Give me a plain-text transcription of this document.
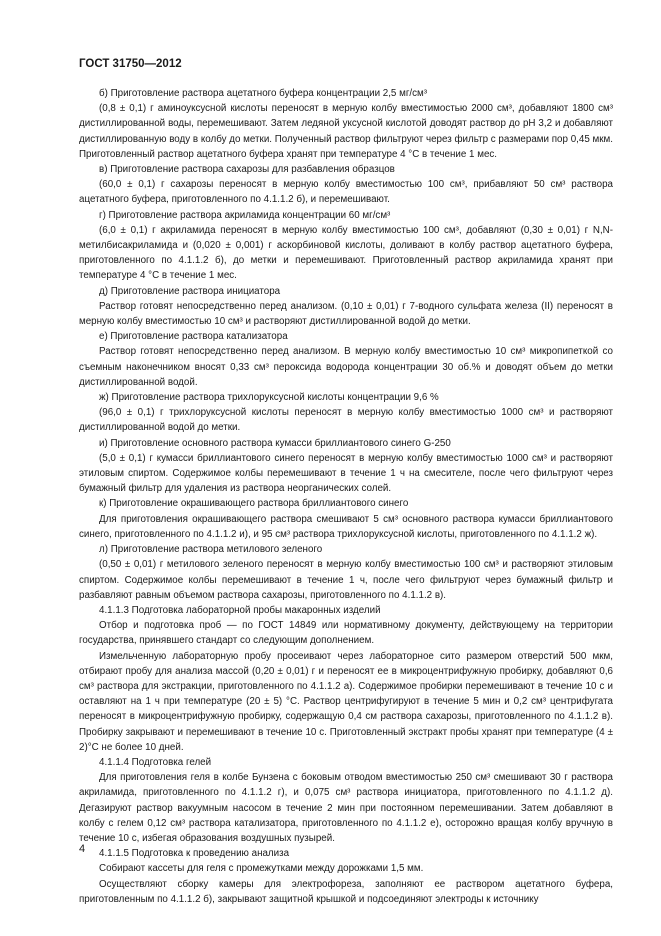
ГОСТ 31750—2012

б) Приготовление раствора ацетатного буфера концентрации 2,5 мг/см³

(0,8 ± 0,1) г аминоуксусной кислоты переносят в мерную колбу вместимостью 2000 см³, добавляют 1800 см³ дистиллированной воды, перемешивают. Затем ледяной уксусной кислотой доводят раствор до рН 3,2 и добавляют дистиллированную воду в колбу до метки. Полученный раствор фильтруют через фильтр с размерами пор 0,45 мкм. Приготовленный раствор ацетатного буфера хранят при температуре 4 °С в течение 1 мес.

в) Приготовление раствора сахарозы для разбавления образцов

(60,0 ± 0,1) г сахарозы переносят в мерную колбу вместимостью 100 см³, прибавляют 50 см³ раствора ацетатного буфера, приготовленного по 4.1.1.2 б), и перемешивают.

г) Приготовление раствора акриламида концентрации 60 мг/см³

(6,0 ± 0,1) г акриламида переносят в мерную колбу вместимостью 100 см³, добавляют (0,30 ± 0,01) г N,N-метилбисакриламида и (0,020 ± 0,001) г аскорбиновой кислоты, доливают в колбу раствор ацетатного буфера, приготовленного по 4.1.1.2 б), до метки и перемешивают. Приготовленный раствор акриламида хранят при температуре 4 °С в течение 1 мес.

д) Приготовление раствора инициатора

Раствор готовят непосредственно перед анализом. (0,10 ± 0,01) г 7-водного сульфата железа (II) переносят в мерную колбу вместимостью 10 см³ и растворяют дистиллированной водой до метки.

е) Приготовление раствора катализатора

Раствор готовят непосредственно перед анализом. В мерную колбу вместимостью 10 см³ микропипеткой со съемным наконечником вносят 0,33 см³ пероксида водорода концентрации 30 об.% и доводят объем до метки дистиллированной водой.

ж) Приготовление раствора трихлоруксусной кислоты концентрации 9,6 %

(96,0 ± 0,1) г трихлоруксусной кислоты переносят в мерную колбу вместимостью 1000 см³ и растворяют дистиллированной водой до метки.

и) Приготовление основного раствора кумасси бриллиантового синего G-250

(5,0 ± 0,1) г кумасси бриллиантового синего переносят в мерную колбу вместимостью 1000 см³ и растворяют этиловым спиртом. Содержимое колбы перемешивают в течение 1 ч на смесителе, после чего фильтруют через бумажный фильтр для удаления из раствора неорганических солей.

к) Приготовление окрашивающего раствора бриллиантового синего

Для приготовления окрашивающего раствора смешивают 5 см³ основного раствора кумасси бриллиантового синего, приготовленного по 4.1.1.2 и), и 95 см³ раствора трихлоруксусной кислоты, приготовленного по 4.1.1.2 ж).

л) Приготовление раствора метилового зеленого

(0,50 ± 0,01) г метилового зеленого переносят в мерную колбу вместимостью 100 см³ и растворяют этиловым спиртом. Содержимое колбы перемешивают в течение 1 ч, после чего фильтруют через бумажный фильтр и разбавляют равным объемом раствора сахарозы, приготовленного по 4.1.1.2 в).

4.1.1.3 Подготовка лабораторной пробы макаронных изделий

Отбор и подготовка проб — по ГОСТ 14849 или нормативному документу, действующему на территории государства, принявшего стандарт со следующим дополнением.

Измельченную лабораторную пробу просеивают через лабораторное сито размером отверстий 500 мкм, отбирают пробу для анализа массой (0,20 ± 0,01) г и переносят ее в микроцентрифужную пробирку, добавляют 0,6 см³ раствора для экстракции, приготовленного по 4.1.1.2 а). Содержимое пробирки перемешивают в течение 10 с и оставляют на 1 ч при температуре (20 ± 5) °С. Раствор центрифугируют в течение 5 мин и 0,2 см³ центрифугата переносят в микроцентрифужную пробирку, содержащую 0,4 см раствора сахарозы, приготовленного по 4.1.1.2 в). Пробирку закрывают и перемешивают в течение 10 с. Приготовленный экстракт пробы хранят при температуре (4 ± 2)°С не более 10 дней.

4.1.1.4 Подготовка гелей

Для приготовления геля в колбе Бунзена с боковым отводом вместимостью 250 см³ смешивают 30 г раствора акриламида, приготовленного по 4.1.1.2 г), и 0,075 см³ раствора инициатора, приготовленного по 4.1.1.2 д). Дегазируют раствор вакуумным насосом в течение 2 мин при постоянном перемешивании. Затем добавляют в колбу с гелем 0,12 см³ раствора катализатора, приготовленного по 4.1.1.2 е), осторожно вращая колбу вручную в течение 10 с, избегая образования воздушных пузырей.

4.1.1.5 Подготовка к проведению анализа

Собирают кассеты для геля с промежутками между дорожками 1,5 мм.

Осуществляют сборку камеры для электрофореза, заполняют ее раствором ацетатного буфера, приготовленным по 4.1.1.2 б), закрывают защитной крышкой и подсоединяют электроды к источнику

4
